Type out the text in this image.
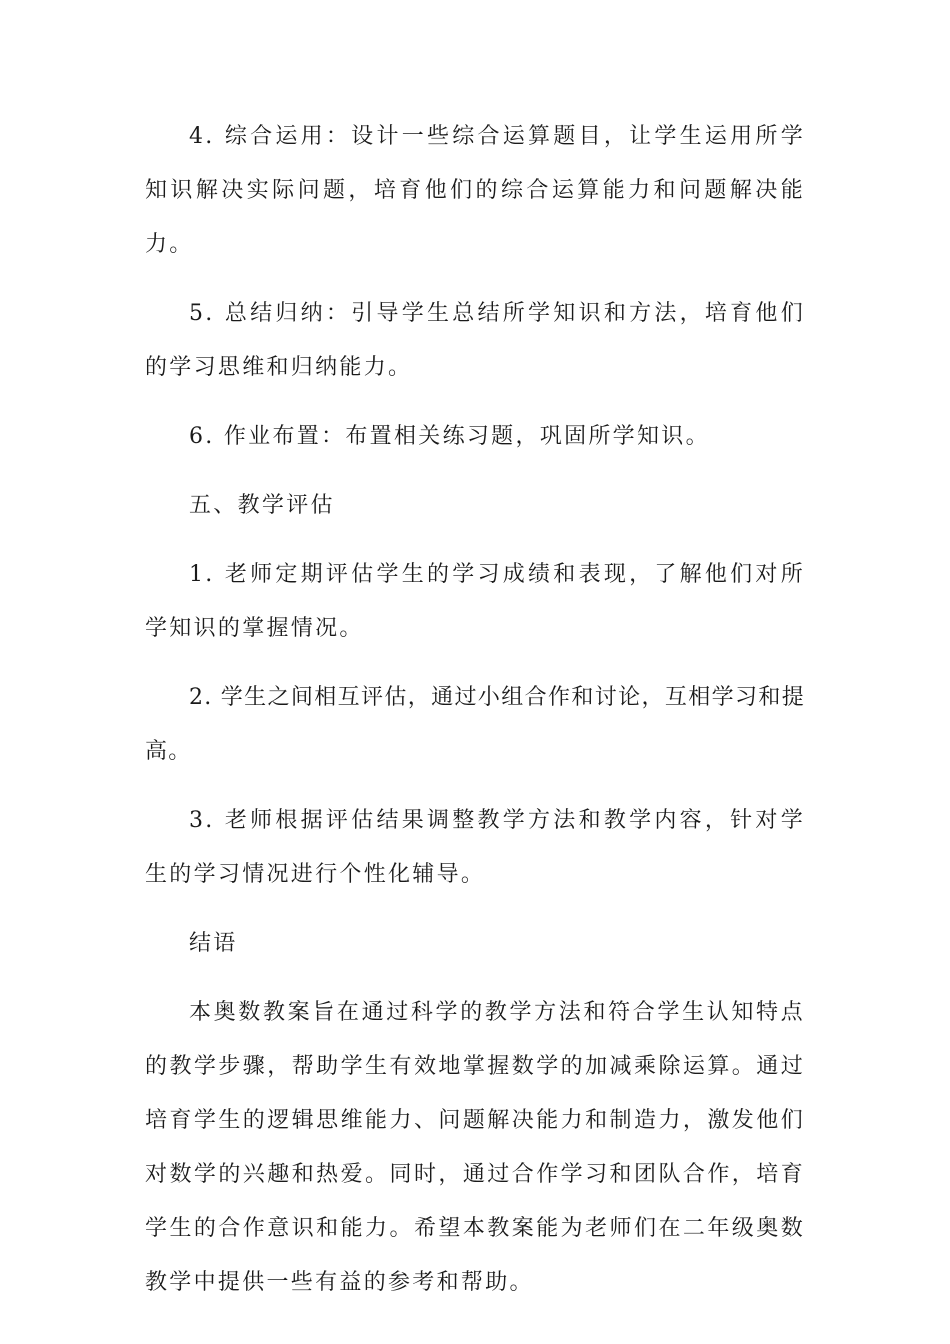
4. 综合运用：设计一些综合运算题目，让学生运用所学知识解决实际问题，培育他们的综合运算能力和问题解决能力。

5. 总结归纳：引导学生总结所学知识和方法，培育他们的学习思维和归纳能力。

6. 作业布置：布置相关练习题，巩固所学知识。

五、教学评估

1. 老师定期评估学生的学习成绩和表现，了解他们对所学知识的掌握情况。

2. 学生之间相互评估，通过小组合作和讨论，互相学习和提高。

3. 老师根据评估结果调整教学方法和教学内容，针对学生的学习情况进行个性化辅导。

结语

本奥数教案旨在通过科学的教学方法和符合学生认知特点的教学步骤，帮助学生有效地掌握数学的加减乘除运算。通过培育学生的逻辑思维能力、问题解决能力和制造力，激发他们对数学的兴趣和热爱。同时，通过合作学习和团队合作，培育学生的合作意识和能力。希望本教案能为老师们在二年级奥数教学中提供一些有益的参考和帮助。
